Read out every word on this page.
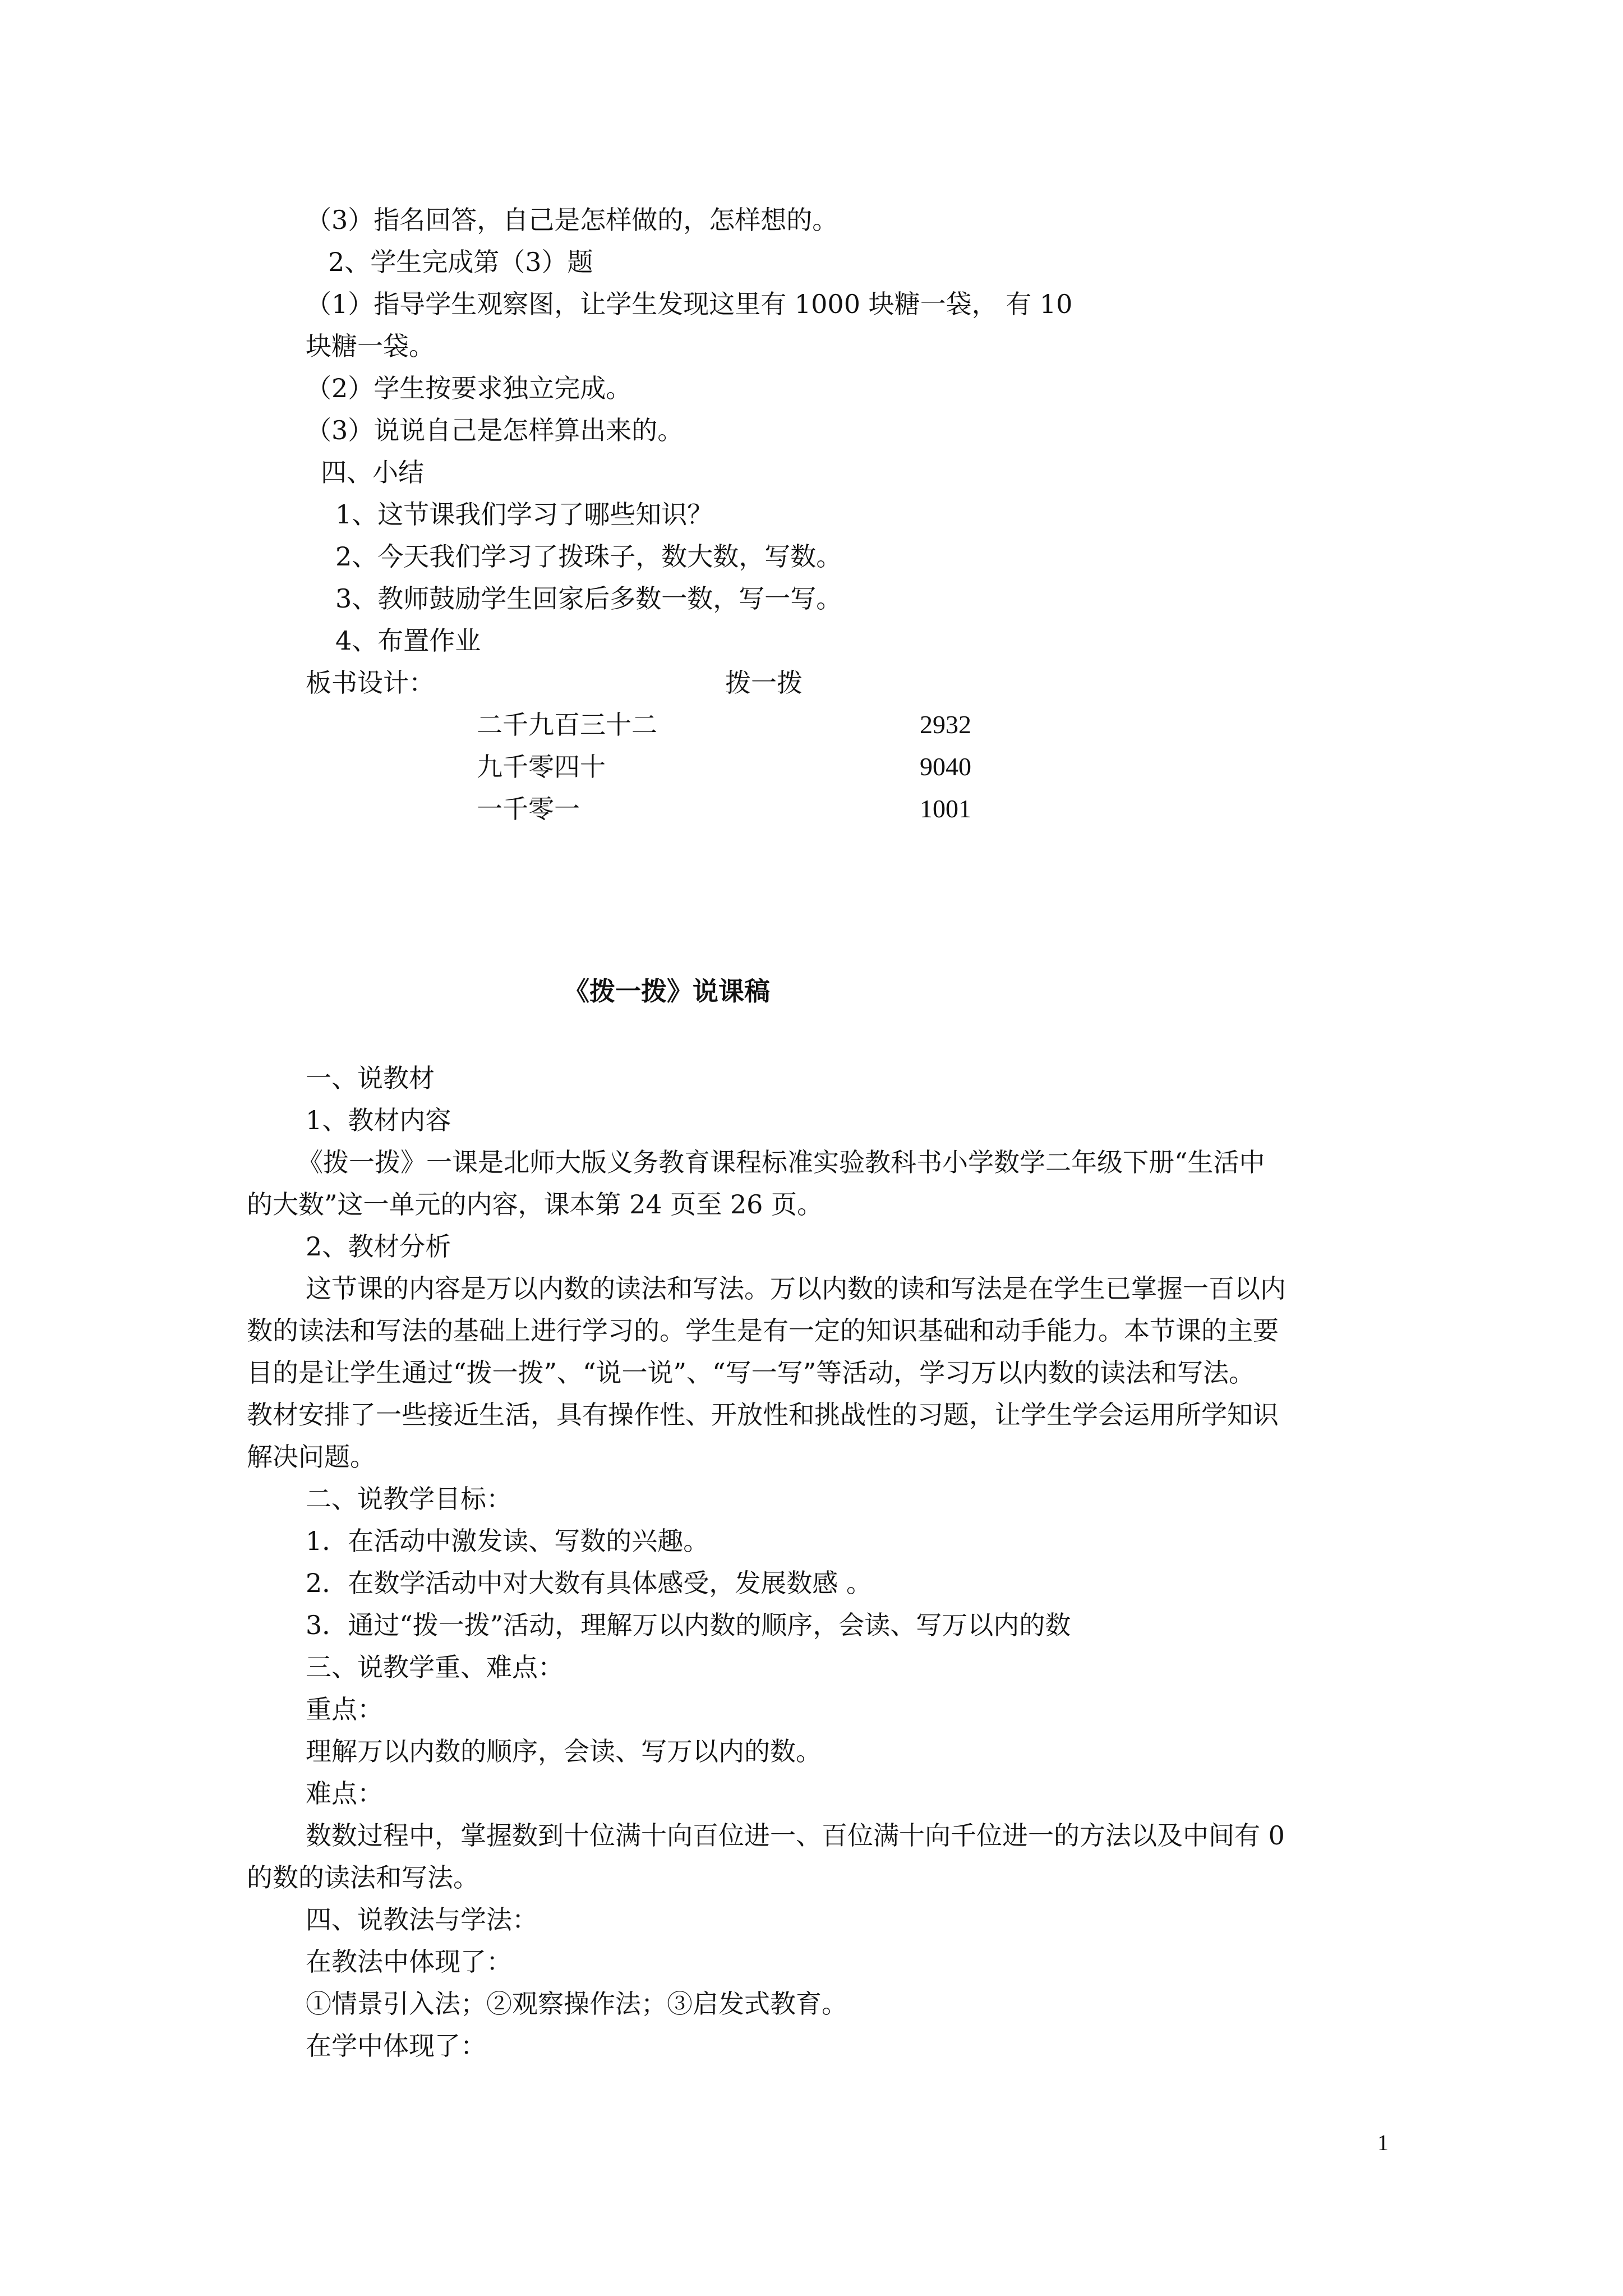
（3）指名回答，自己是怎样做的，怎样想的。
2、学生完成第（3）题
（1）指导学生观察图，让学生发现这里有 1000 块糖一袋， 有 10
块糖一袋。
（2）学生按要求独立完成。
（3）说说自己是怎样算出来的。
四、小结
1、这节课我们学习了哪些知识？
2、今天我们学习了拨珠子，数大数，写数。
3、教师鼓励学生回家后多数一数，写一写。
4、布置作业
板书设计：	拨一拨
二千九百三十二	2932
九千零四十	9040
一千零一	1001
《拨一拨》说课稿
一、说教材
1、教材内容
《拨一拨》一课是北师大版义务教育课程标准实验教科书小学数学二年级下册“生活中
的大数”这一单元的内容，课本第 24 页至 26 页。
2、教材分析
这节课的内容是万以内数的读法和写法。万以内数的读和写法是在学生已掌握一百以内
数的读法和写法的基础上进行学习的。学生是有一定的知识基础和动手能力。本节课的主要
目的是让学生通过“拨一拨”、“说一说”、“写一写”等活动，学习万以内数的读法和写法。
教材安排了一些接近生活，具有操作性、开放性和挑战性的习题，让学生学会运用所学知识
解决问题。
二、说教学目标：
1．在活动中激发读、写数的兴趣。
2．在数学活动中对大数有具体感受，发展数感 。
3．通过“拨一拨”活动，理解万以内数的顺序，会读、写万以内的数
三、说教学重、难点：
重点：
理解万以内数的顺序，会读、写万以内的数。
难点：
数数过程中，掌握数到十位满十向百位进一、百位满十向千位进一的方法以及中间有 0
的数的读法和写法。
四、说教法与学法：
在教法中体现了：
①情景引入法；②观察操作法；③启发式教育。
在学中体现了：
1
